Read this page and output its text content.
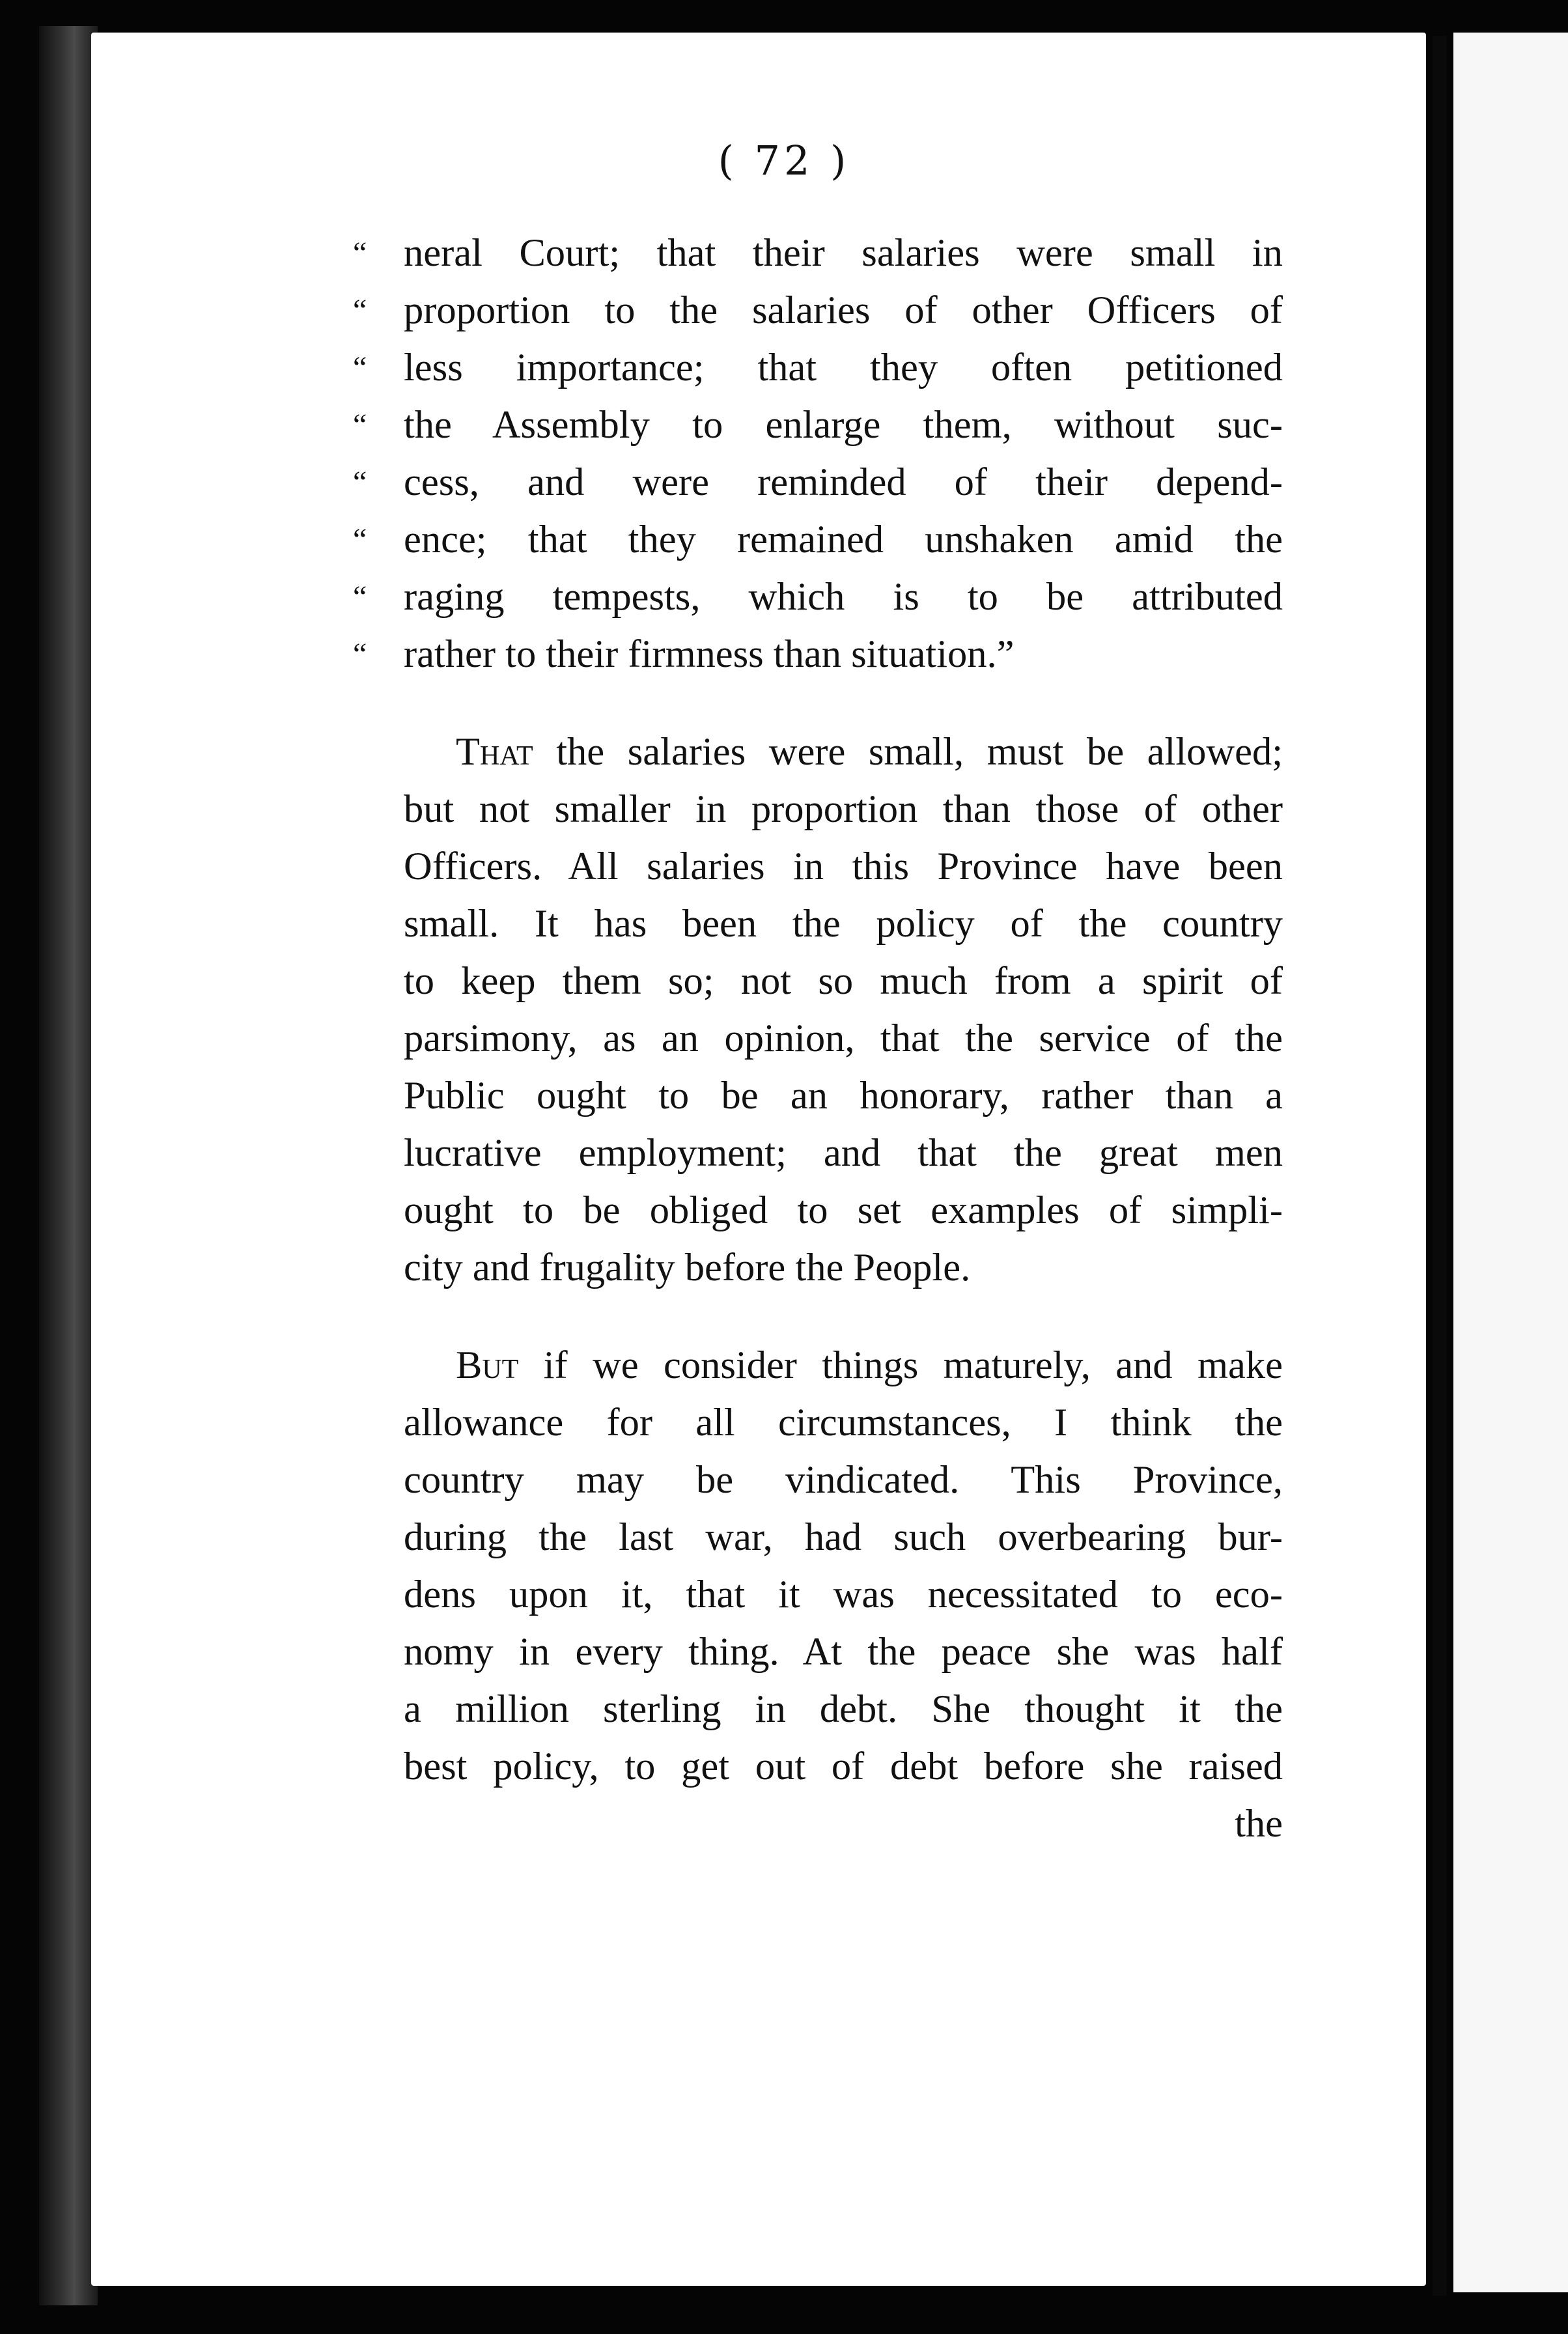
( 72 )
“ neral Court; that their salaries were small in
“ proportion to the salaries of other Officers of
“ less importance; that they often petitioned
“ the Assembly to enlarge them, without suc-
“ cess, and were reminded of their depend-
“ ence; that they remained unshaken amid the
“ raging tempests, which is to be attributed
“ rather to their firmness than situation.”
That the salaries were small, must be allowed;
but not smaller in proportion than those of other
Officers. All salaries in this Province have been
small. It has been the policy of the country
to keep them so; not so much from a spirit of
parsimony, as an opinion, that the service of the
Public ought to be an honorary, rather than a
lucrative employment; and that the great men
ought to be obliged to set examples of simpli-
city and frugality before the People.
But if we consider things maturely, and make
allowance for all circumstances, I think the
country may be vindicated. This Province,
during the last war, had such overbearing bur-
dens upon it, that it was necessitated to eco-
nomy in every thing. At the peace she was half
a million sterling in debt. She thought it the
best policy, to get out of debt before she raised
the
